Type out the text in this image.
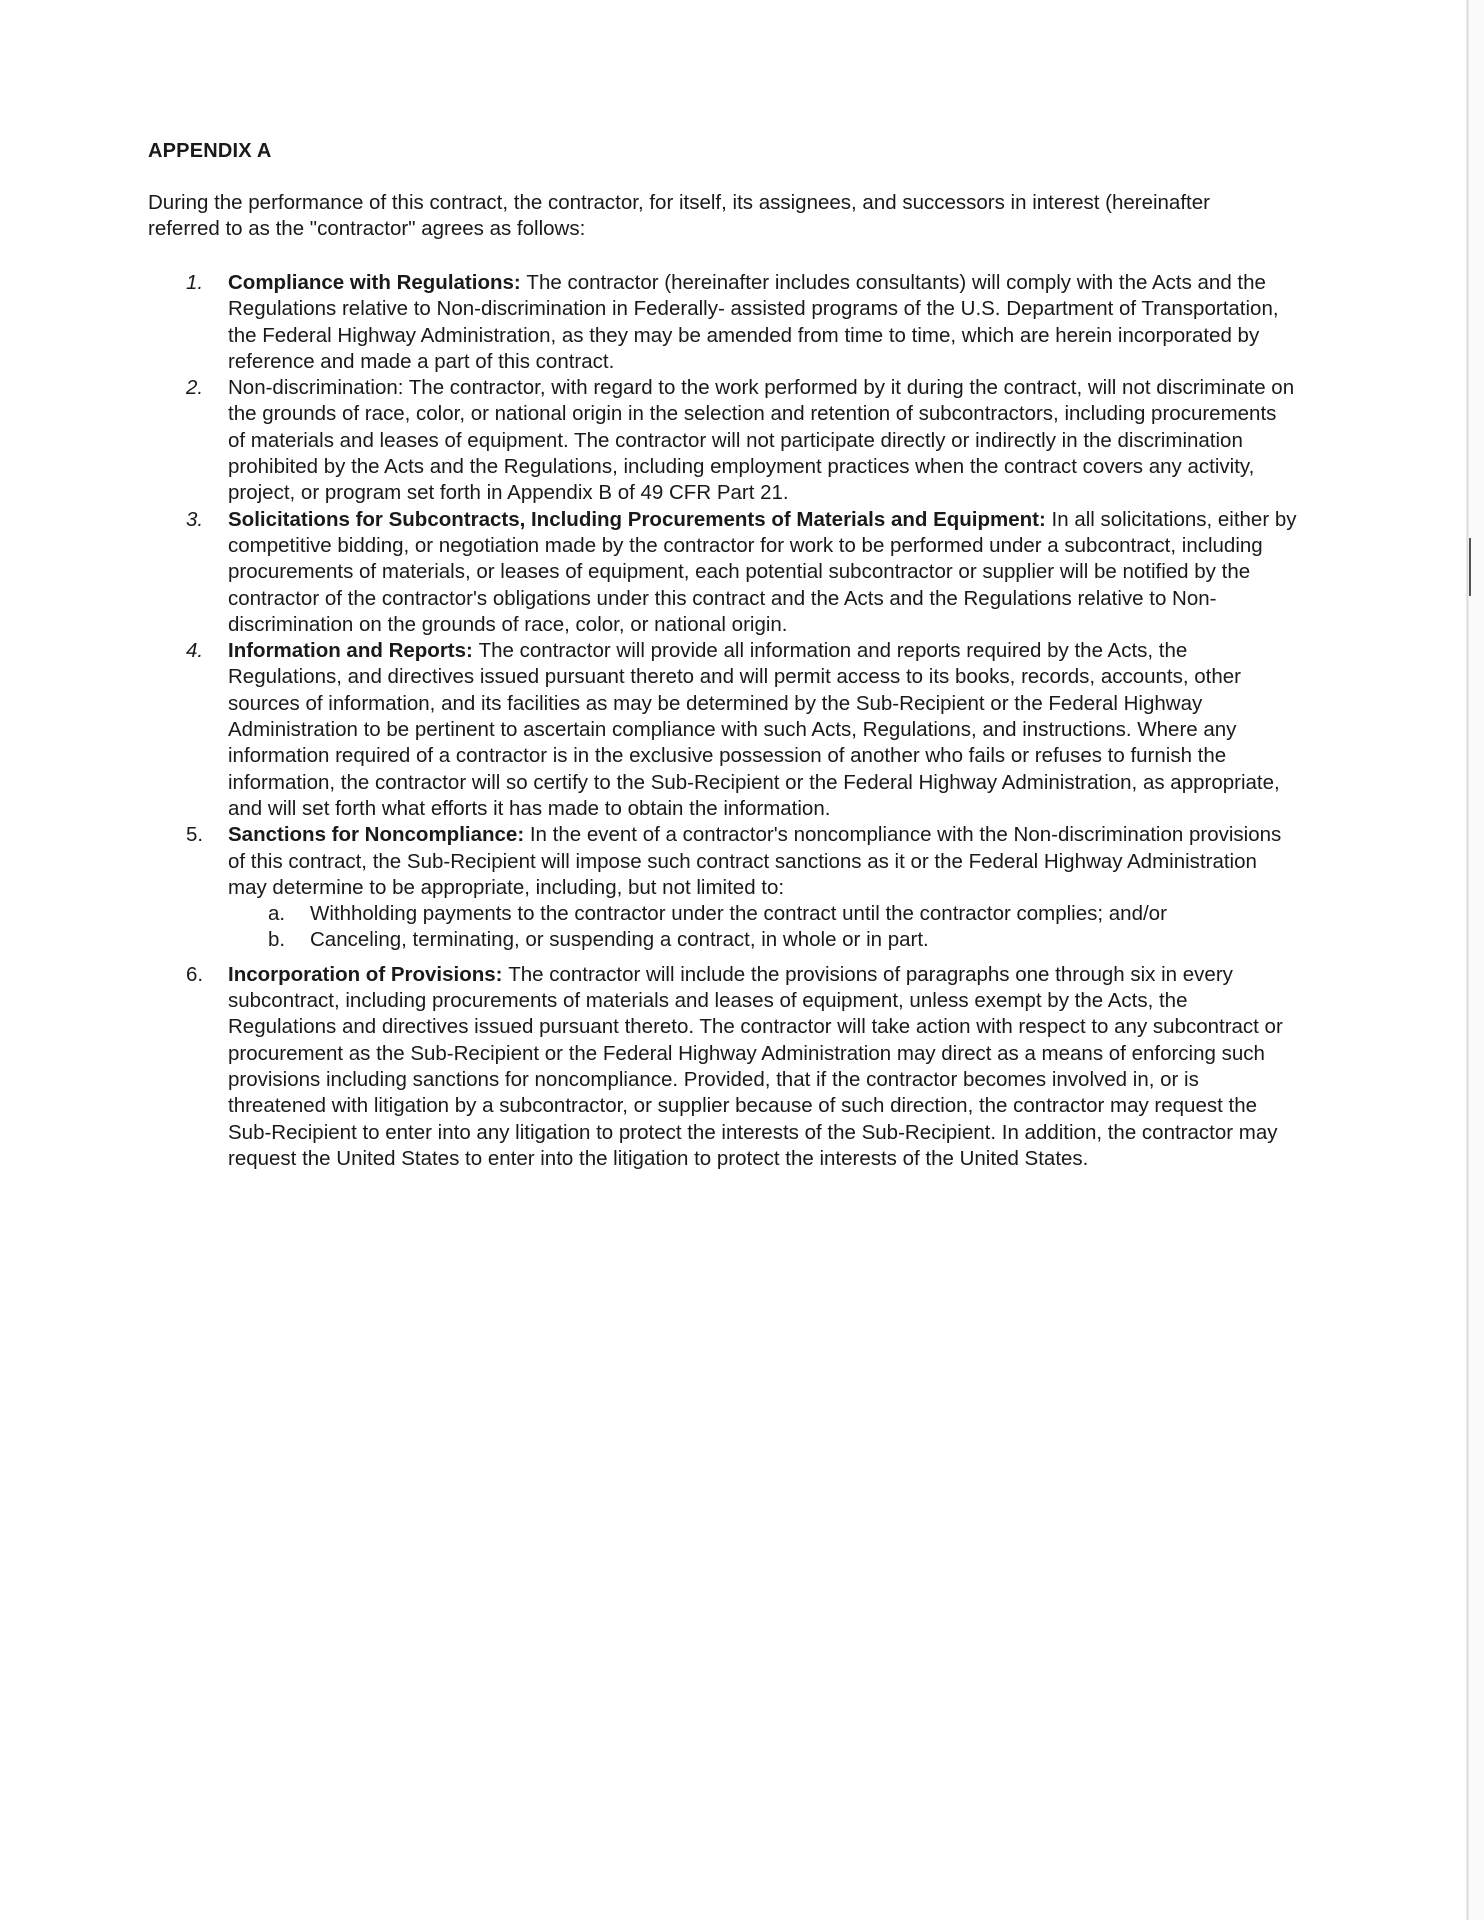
APPENDIX A
During the performance of this contract, the contractor, for itself, its assignees, and successors in interest (hereinafter referred to as the "contractor" agrees as follows:
1. Compliance with Regulations: The contractor (hereinafter includes consultants) will comply with the Acts and the Regulations relative to Non-discrimination in Federally- assisted programs of the U.S. Department of Transportation, the Federal Highway Administration, as they may be amended from time to time, which are herein incorporated by reference and made a part of this contract.
2. Non-discrimination: The contractor, with regard to the work performed by it during the contract, will not discriminate on the grounds of race, color, or national origin in the selection and retention of subcontractors, including procurements of materials and leases of equipment. The contractor will not participate directly or indirectly in the discrimination prohibited by the Acts and the Regulations, including employment practices when the contract covers any activity, project, or program set forth in Appendix B of 49 CFR Part 21.
3. Solicitations for Subcontracts, Including Procurements of Materials and Equipment: In all solicitations, either by competitive bidding, or negotiation made by the contractor for work to be performed under a subcontract, including procurements of materials, or leases of equipment, each potential subcontractor or supplier will be notified by the contractor of the contractor's obligations under this contract and the Acts and the Regulations relative to Non-discrimination on the grounds of race, color, or national origin.
4. Information and Reports: The contractor will provide all information and reports required by the Acts, the Regulations, and directives issued pursuant thereto and will permit access to its books, records, accounts, other sources of information, and its facilities as may be determined by the Sub-Recipient or the Federal Highway Administration to be pertinent to ascertain compliance with such Acts, Regulations, and instructions. Where any information required of a contractor is in the exclusive possession of another who fails or refuses to furnish the information, the contractor will so certify to the Sub-Recipient or the Federal Highway Administration, as appropriate, and will set forth what efforts it has made to obtain the information.
5. Sanctions for Noncompliance: In the event of a contractor's noncompliance with the Non-discrimination provisions of this contract, the Sub-Recipient will impose such contract sanctions as it or the Federal Highway Administration may determine to be appropriate, including, but not limited to:
a. Withholding payments to the contractor under the contract until the contractor complies; and/or
b. Canceling, terminating, or suspending a contract, in whole or in part.
6. Incorporation of Provisions: The contractor will include the provisions of paragraphs one through six in every subcontract, including procurements of materials and leases of equipment, unless exempt by the Acts, the Regulations and directives issued pursuant thereto. The contractor will take action with respect to any subcontract or procurement as the Sub-Recipient or the Federal Highway Administration may direct as a means of enforcing such provisions including sanctions for noncompliance. Provided, that if the contractor becomes involved in, or is threatened with litigation by a subcontractor, or supplier because of such direction, the contractor may request the Sub-Recipient to enter into any litigation to protect the interests of the Sub-Recipient. In addition, the contractor may request the United States to enter into the litigation to protect the interests of the United States.
